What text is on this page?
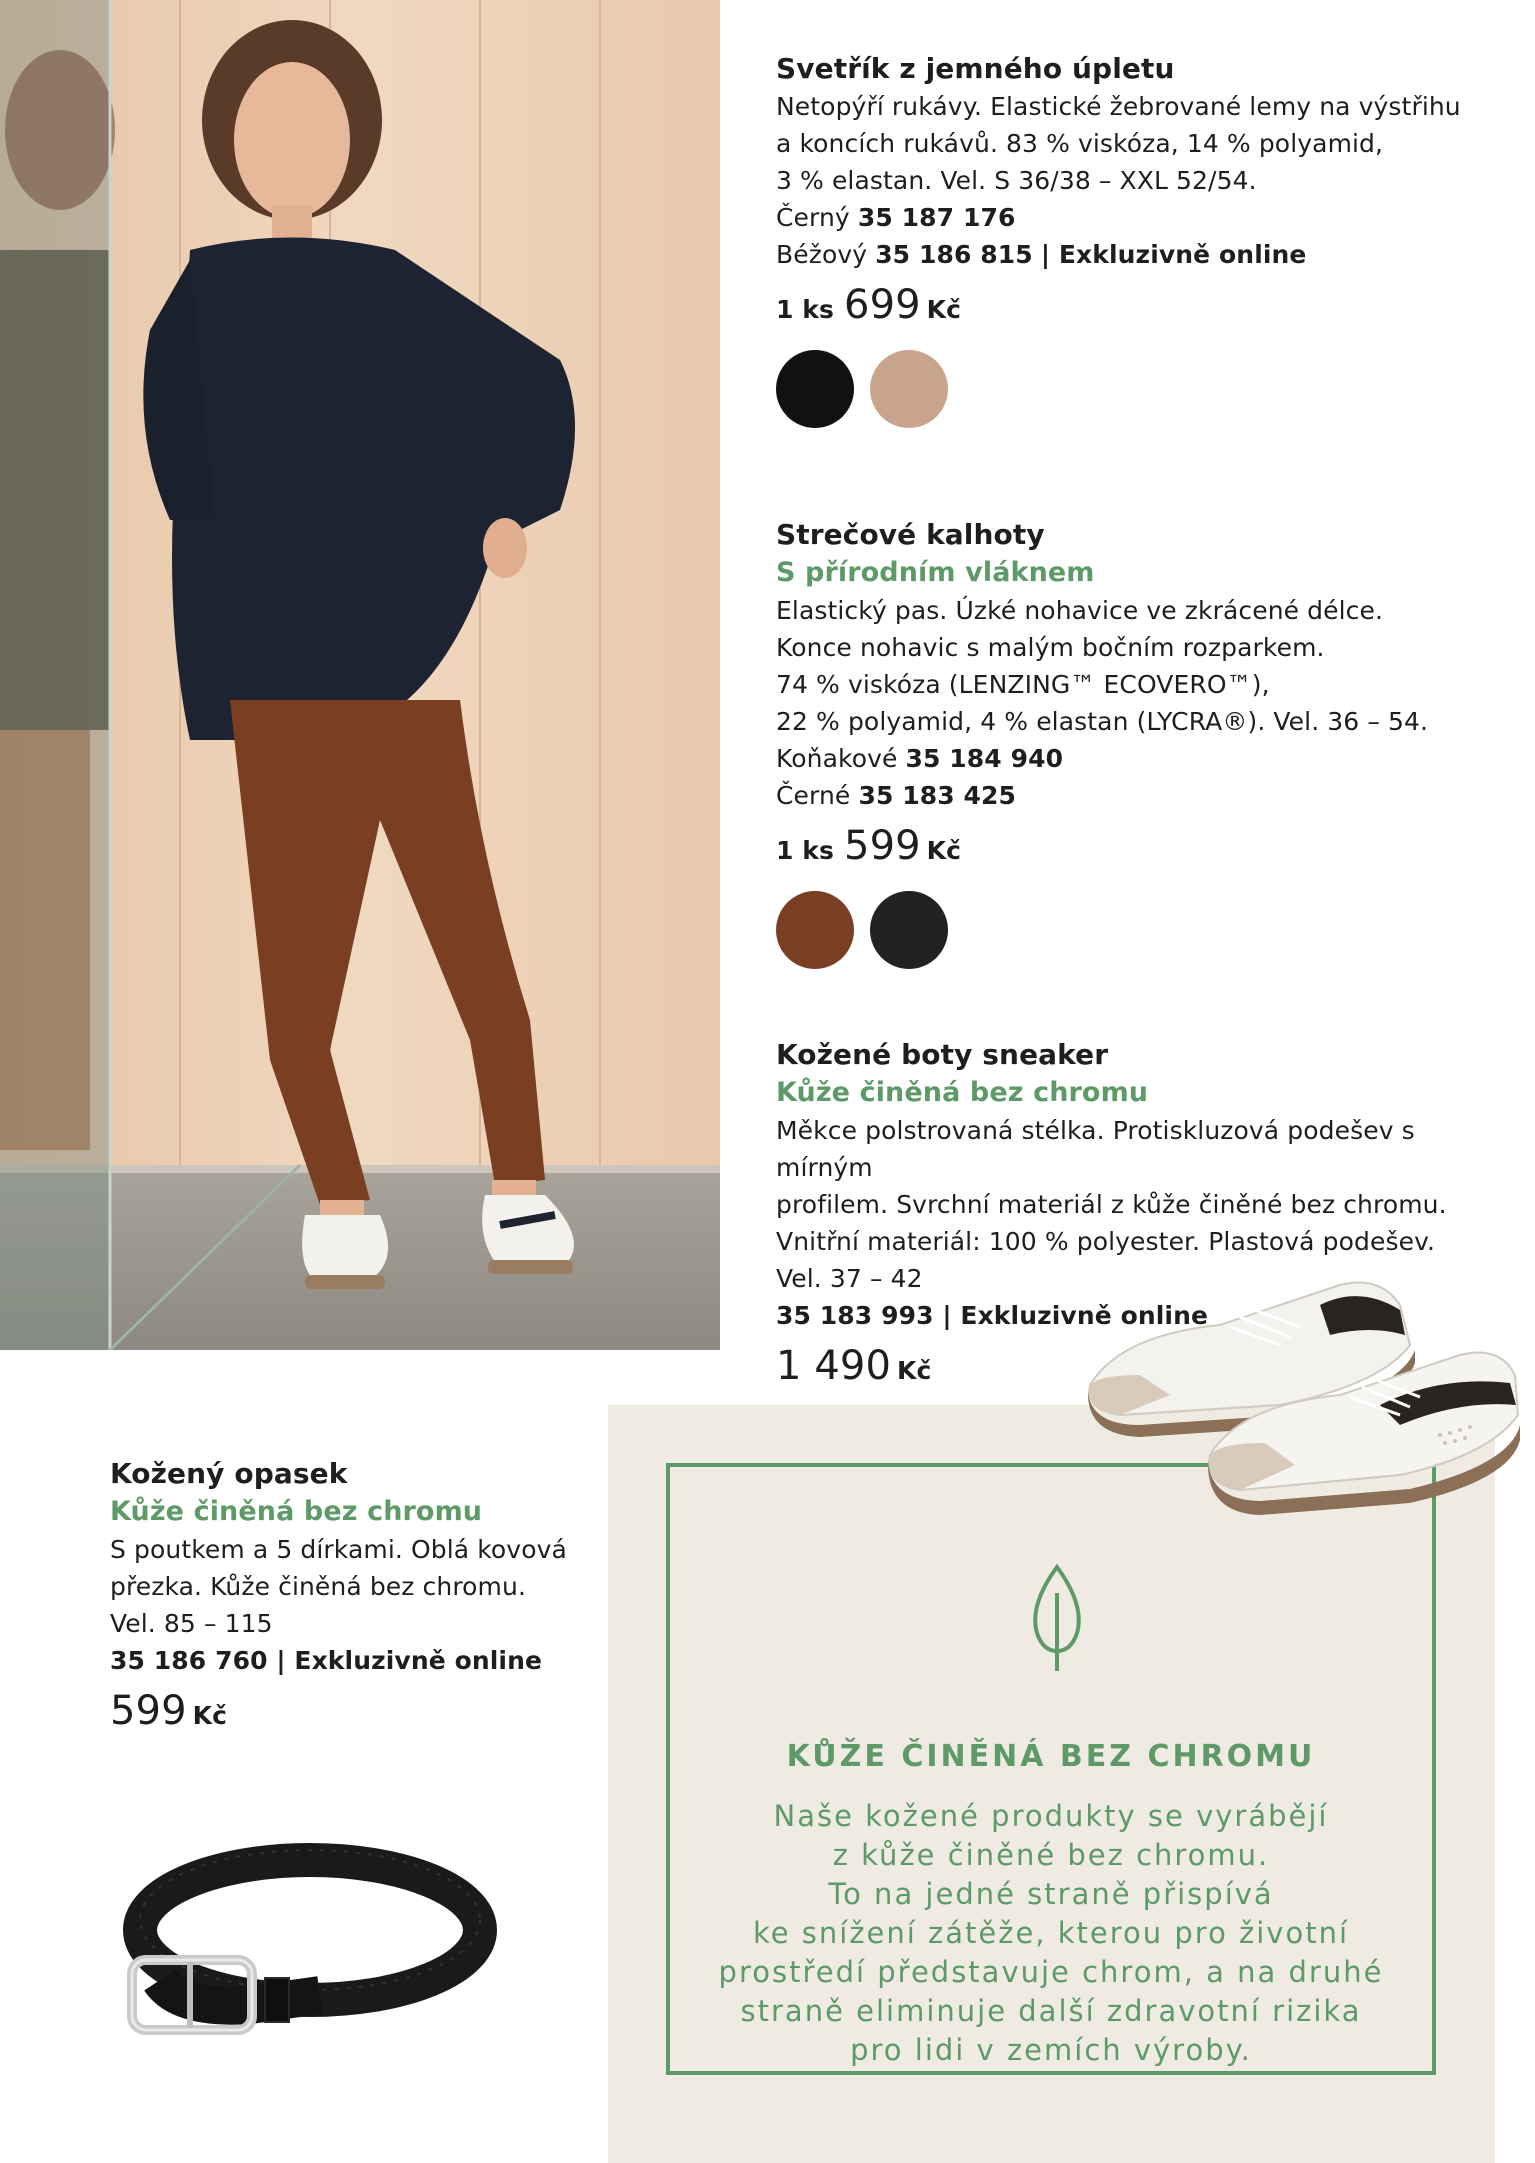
Svetřík z jemného úpletu
Netopýří rukávy. Elastické žebrované lemy na výstřihu
a koncích rukávů. 83 % viskóza, 14 % polyamid,
3 % elastan. Vel. S 36/38 – XXL 52/54.
Černý 35 187 176
Béžový 35 186 815 | Exkluzivně online
1 ks 699 Kč
Strečové kalhoty
S přírodním vláknem
Elastický pas. Úzké nohavice ve zkrácené délce.
Konce nohavic s malým bočním rozparkem.
74 % viskóza (LENZING™ ECOVERO™),
22 % polyamid, 4 % elastan (LYCRA®). Vel. 36 – 54.
Koňakové 35 184 940
Černé 35 183 425
1 ks 599 Kč
Kožené boty sneaker
Kůže činěná bez chromu
Měkce polstrovaná stélka. Protiskluzová podešev s mírným
profilem. Svrchní materiál z kůže činěné bez chromu.
Vnitřní materiál: 100 % polyester. Plastová podešev.
Vel. 37 – 42
35 183 993 | Exkluzivně online
1 490 Kč
KŮŽE ČINĚNÁ BEZ CHROMU
Naše kožené produkty se vyrábějí
z kůže činěné bez chromu.
To na jedné straně přispívá
ke snížení zátěže, kterou pro životní
prostředí představuje chrom, a na druhé
straně eliminuje další zdravotní rizika
pro lidi v zemích výroby.
Kožený opasek
Kůže činěná bez chromu
S poutkem a 5 dírkami. Oblá kovová
přezka. Kůže činěná bez chromu.
Vel. 85 – 115
35 186 760 | Exkluzivně online
599 Kč
